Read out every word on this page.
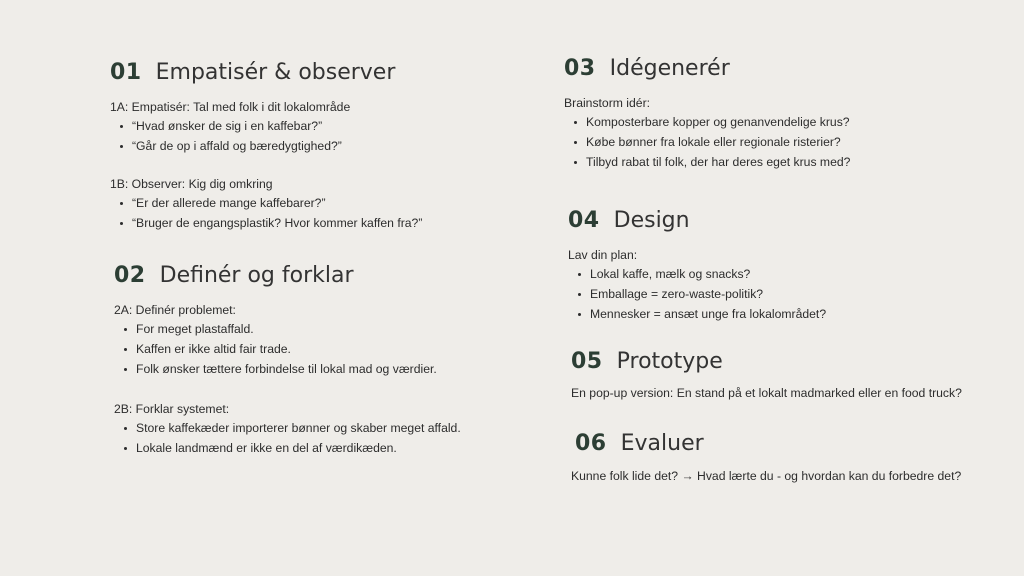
01 Empatisér & observer

1A: Empatisér: Tal med folk i dit lokalområde

“Hvad ønsker de sig i en kaffebar?”
“Går de op i affald og bæredygtighed?”

1B: Observer: Kig dig omkring

“Er der allerede mange kaffebarer?”
“Bruger de engangsplastik? Hvor kommer kaffen fra?”
02 Definér og forklar

2A: Definér problemet:

For meget plastaffald.
Kaffen er ikke altid fair trade.
Folk ønsker tættere forbindelse til lokal mad og værdier.

2B: Forklar systemet:

Store kaffekæder importerer bønner og skaber meget affald.
Lokale landmænd er ikke en del af værdikæden.
03 Idégenerér

Brainstorm idér:

Komposterbare kopper og genanvendelige krus?
Købe bønner fra lokale eller regionale risterier?
Tilbyd rabat til folk, der har deres eget krus med?
04 Design

Lav din plan:

Lokal kaffe, mælk og snacks?
Emballage = zero-waste-politik?
Mennesker = ansæt unge fra lokalområdet?
05 Prototype

En pop-up version: En stand på et lokalt madmarked eller en food truck?

06 Evaluer

Kunne folk lide det? → Hvad lærte du - og hvordan kan du forbedre det?
